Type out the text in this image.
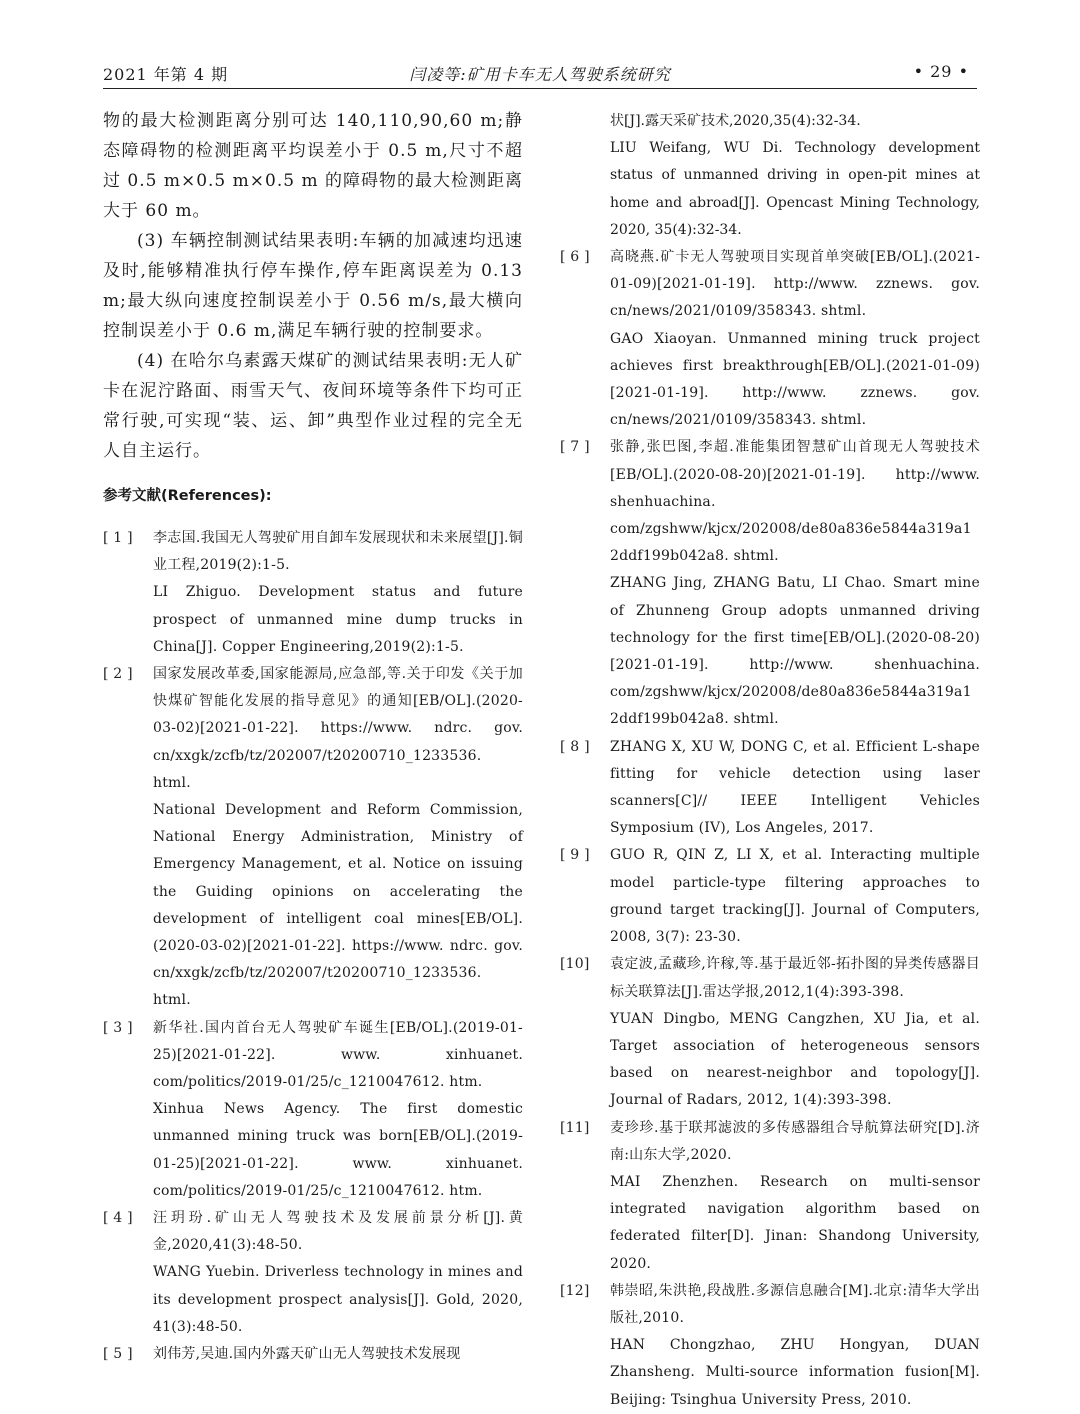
2021 年第 4 期	闫凌等:矿用卡车无人驾驶系统研究	• 29 •

物的最大检测距离分别可达 140,110,90,60 m;静态障碍物的检测距离平均误差小于 0.5 m,尺寸不超过 0.5 m×0.5 m×0.5 m 的障碍物的最大检测距离大于 60 m。

(3) 车辆控制测试结果表明:车辆的加减速均迅速及时,能够精准执行停车操作,停车距离误差为 0.13 m;最大纵向速度控制误差小于 0.56 m/s,最大横向控制误差小于 0.6 m,满足车辆行驶的控制要求。

(4) 在哈尔乌素露天煤矿的测试结果表明:无人矿卡在泥泞路面、雨雪天气、夜间环境等条件下均可正常行驶,可实现“装、运、卸”典型作业过程的完全无人自主运行。

参考文献(References):
[ 1 ]	李志国.我国无人驾驶矿用自卸车发展现状和未来展望[J].铜业工程,2019(2):1-5.

LI Zhiguo. Development status and future prospect of unmanned mine dump trucks in China[J]. Copper Engineering,2019(2):1-5.

[ 2 ]	国家发展改革委,国家能源局,应急部,等.关于印发《关于加快煤矿智能化发展的指导意见》的通知[EB/OL].(2020-03-02)[2021-01-22]. https://www. ndrc. gov. cn/xxgk/zcfb/tz/202007/t20200710_1233536. html.

National Development and Reform Commission, National Energy Administration, Ministry of Emergency Management, et al. Notice on issuing the Guiding opinions on accelerating the development of intelligent coal mines[EB/OL].(2020-03-02)[2021-01-22]. https://www. ndrc. gov. cn/xxgk/zcfb/tz/202007/t20200710_1233536. html.

[ 3 ]	新华社.国内首台无人驾驶矿车诞生[EB/OL].(2019-01-25)[2021-01-22]. www. xinhuanet. com/politics/2019-01/25/c_1210047612. htm.

Xinhua News Agency. The first domestic unmanned mining truck was born[EB/OL].(2019-01-25)[2021-01-22]. www. xinhuanet. com/politics/2019-01/25/c_1210047612. htm.

[ 4 ]	汪玥玢.矿山无人驾驶技术及发展前景分析[J].黄金,2020,41(3):48-50.

WANG Yuebin. Driverless technology in mines and its development prospect analysis[J]. Gold, 2020, 41(3):48-50.

[ 5 ]	刘伟芳,吴迪.国内外露天矿山无人驾驶技术发展现

状[J].露天采矿技术,2020,35(4):32-34.

LIU Weifang, WU Di. Technology development status of unmanned driving in open-pit mines at home and abroad[J]. Opencast Mining Technology, 2020, 35(4):32-34.

[ 6 ]	高晓燕.矿卡无人驾驶项目实现首单突破[EB/OL].(2021-01-09)[2021-01-19]. http://www. zznews. gov. cn/news/2021/0109/358343. shtml.

GAO Xiaoyan. Unmanned mining truck project achieves first breakthrough[EB/OL].(2021-01-09)[2021-01-19]. http://www. zznews. gov. cn/news/2021/0109/358343. shtml.

[ 7 ]	张静,张巴图,李超.准能集团智慧矿山首现无人驾驶技术[EB/OL].(2020-08-20)[2021-01-19]. http://www. shenhuachina. com/zgshww/kjcx/202008/de80a836e5844a319a12ddf199b042a8. shtml.

ZHANG Jing, ZHANG Batu, LI Chao. Smart mine of Zhunneng Group adopts unmanned driving technology for the first time[EB/OL].(2020-08-20)[2021-01-19]. http://www. shenhuachina. com/zgshww/kjcx/202008/de80a836e5844a319a12ddf199b042a8. shtml.

[ 8 ]	ZHANG X, XU W, DONG C, et al. Efficient L-shape fitting for vehicle detection using laser scanners[C]// IEEE Intelligent Vehicles Symposium (IV), Los Angeles, 2017.

[ 9 ]	GUO R, QIN Z, LI X, et al. Interacting multiple model particle-type filtering approaches to ground target tracking[J]. Journal of Computers, 2008, 3(7): 23-30.

[10]	袁定波,孟藏珍,许稼,等.基于最近邻-拓扑图的异类传感器目标关联算法[J].雷达学报,2012,1(4):393-398.

YUAN Dingbo, MENG Cangzhen, XU Jia, et al. Target association of heterogeneous sensors based on nearest-neighbor and topology[J]. Journal of Radars, 2012, 1(4):393-398.

[11]	麦珍珍.基于联邦滤波的多传感器组合导航算法研究[D].济南:山东大学,2020.

MAI Zhenzhen. Research on multi-sensor integrated navigation algorithm based on federated filter[D]. Jinan: Shandong University, 2020.

[12]	韩崇昭,朱洪艳,段战胜.多源信息融合[M].北京:清华大学出版社,2010.

HAN Chongzhao, ZHU Hongyan, DUAN Zhansheng. Multi-source information fusion[M]. Beijing: Tsinghua University Press, 2010.
